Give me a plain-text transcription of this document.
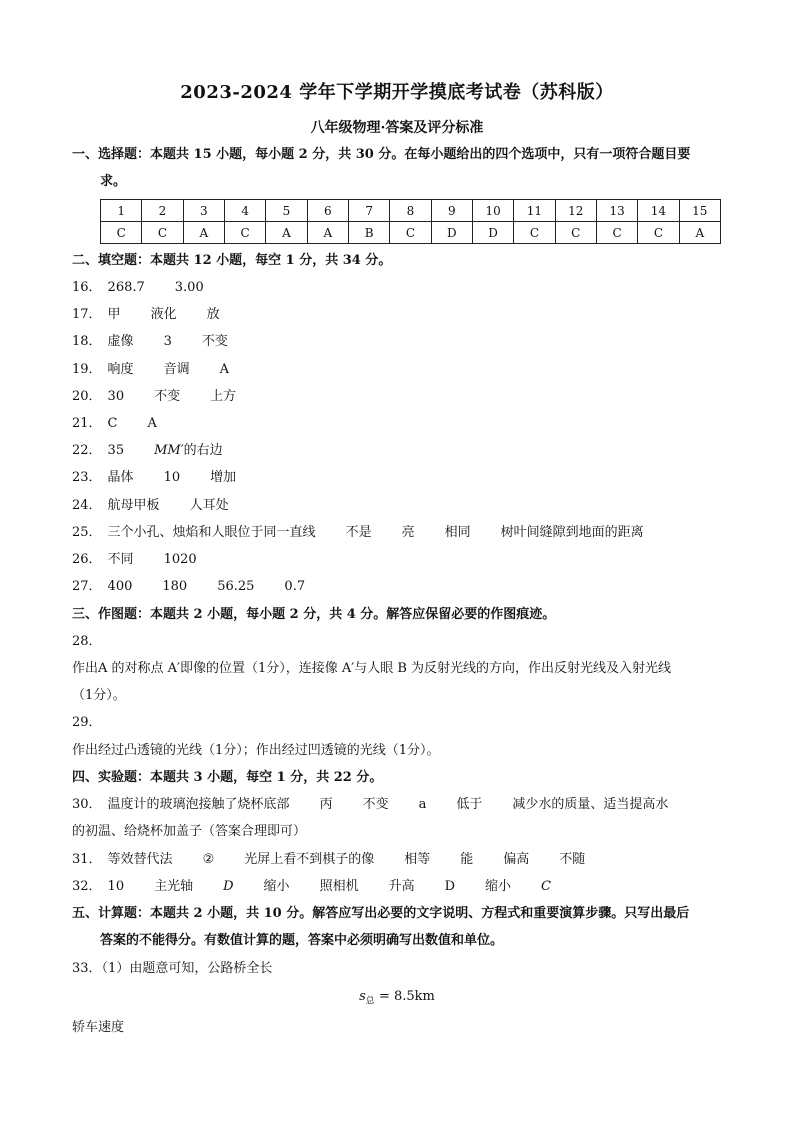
2023-2024 学年下学期开学摸底考试卷（苏科版）
八年级物理·答案及评分标准
一、选择题：本题共 15 小题，每小题 2 分，共 30 分。在每小题给出的四个选项中，只有一项符合题目要
求。
1	2	3	4	5	6	7	8	9	10	11	12	13	14	15
C	C	A	C	A	A	B	C	D	D	C	C	C	C	A
二、填空题：本题共 12 小题，每空 1 分，共 34 分。
16． 268.7 3.00
17． 甲 液化 放
18． 虚像 3 不变
19． 响度 音调 A
20． 30 不变 上方
21． C A
22． 35 MM′的右边
23． 晶体 10 增加
24． 航母甲板 人耳处
25． 三个小孔、烛焰和人眼位于同一直线 不是 亮 相同 树叶间缝隙到地面的距离
26． 不同 1020
27． 400 180 56.25 0.7
三、作图题：本题共 2 小题，每小题 2 分，共 4 分。解答应保留必要的作图痕迹。
28．
作出A 的对称点 A′即像的位置（1分），连接像 A′与人眼 B 为反射光线的方向，作出反射光线及入射光线
（1分）。
29．
作出经过凸透镜的光线（1分）；作出经过凹透镜的光线（1分）。
四、实验题：本题共 3 小题，每空 1 分，共 22 分。
30． 温度计的玻璃泡接触了烧杯底部 丙 不变 a 低于 减少水的质量、适当提高水
的初温、给烧杯加盖子（答案合理即可）
31． 等效替代法 ② 光屏上看不到棋子的像 相等 能 偏高 不随
32． 10 主光轴 D 缩小 照相机 升高 D 缩小 C
五、计算题：本题共 2 小题，共 10 分。解答应写出必要的文字说明、方程式和重要演算步骤。只写出最后
答案的不能得分。有数值计算的题，答案中必须明确写出数值和单位。
33．（1）由题意可知，公路桥全长
$s_总 = 8.5km$
轿车速度
